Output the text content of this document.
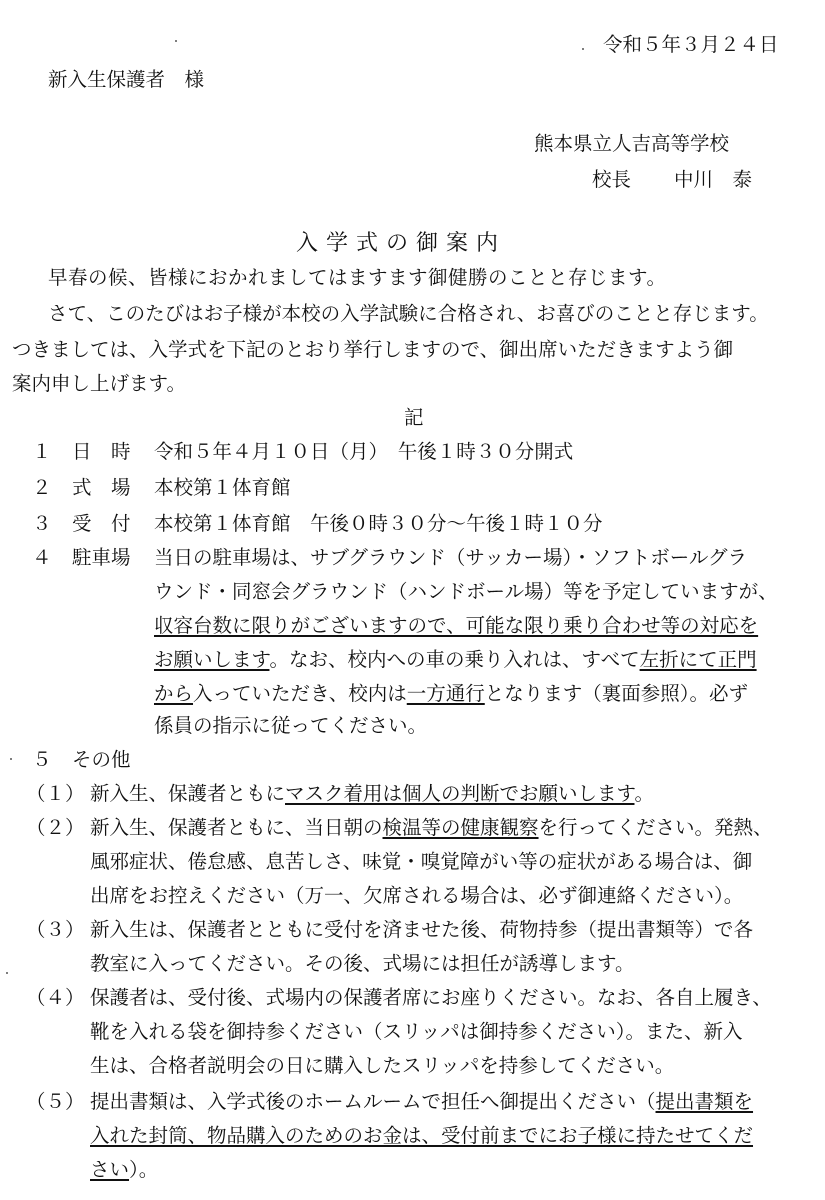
令和５年３月２４日
新入生保護者　様
熊本県立人吉高等学校
校長 中川　泰
入学式の御案内
早春の候、皆様におかれましてはますます御健勝のことと存じます。
さて、このたびはお子様が本校の入学試験に合格され、お喜びのことと存じます。
つきましては、入学式を下記のとおり挙行しますので、御出席いただきますよう御
案内申し上げます。
記
１ 日　時 令和５年４月１０日（月）　午後１時３０分開式
２ 式　場 本校第１体育館
３ 受　付 本校第１体育館　午後０時３０分～午後１時１０分
４ 駐車場 当日の駐車場は、サブグラウンド（サッカー場）・ソフトボールグラ
ウンド・同窓会グラウンド（ハンドボール場）等を予定していますが、
収容台数に限りがございますので、可能な限り乗り合わせ等の対応を
お願いします。なお、校内への車の乗り入れは、すべて左折にて正門
から入っていただき、校内は一方通行となります（裏面参照）。必ず
係員の指示に従ってください。
５ その他
（１） 新入生、保護者ともにマスク着用は個人の判断でお願いします。
（２） 新入生、保護者ともに、当日朝の検温等の健康観察を行ってください。発熱、
風邪症状、倦怠感、息苦しさ、味覚・嗅覚障がい等の症状がある場合は、御
出席をお控えください（万一、欠席される場合は、必ず御連絡ください）。
（３） 新入生は、保護者とともに受付を済ませた後、荷物持参（提出書類等）で各
教室に入ってください。その後、式場には担任が誘導します。
（４） 保護者は、受付後、式場内の保護者席にお座りください。なお、各自上履き、
靴を入れる袋を御持参ください（スリッパは御持参ください）。また、新入
生は、合格者説明会の日に購入したスリッパを持参してください。
（５） 提出書類は、入学式後のホームルームで担任へ御提出ください（提出書類を
入れた封筒、物品購入のためのお金は、受付前までにお子様に持たせてくだ
さい）。
